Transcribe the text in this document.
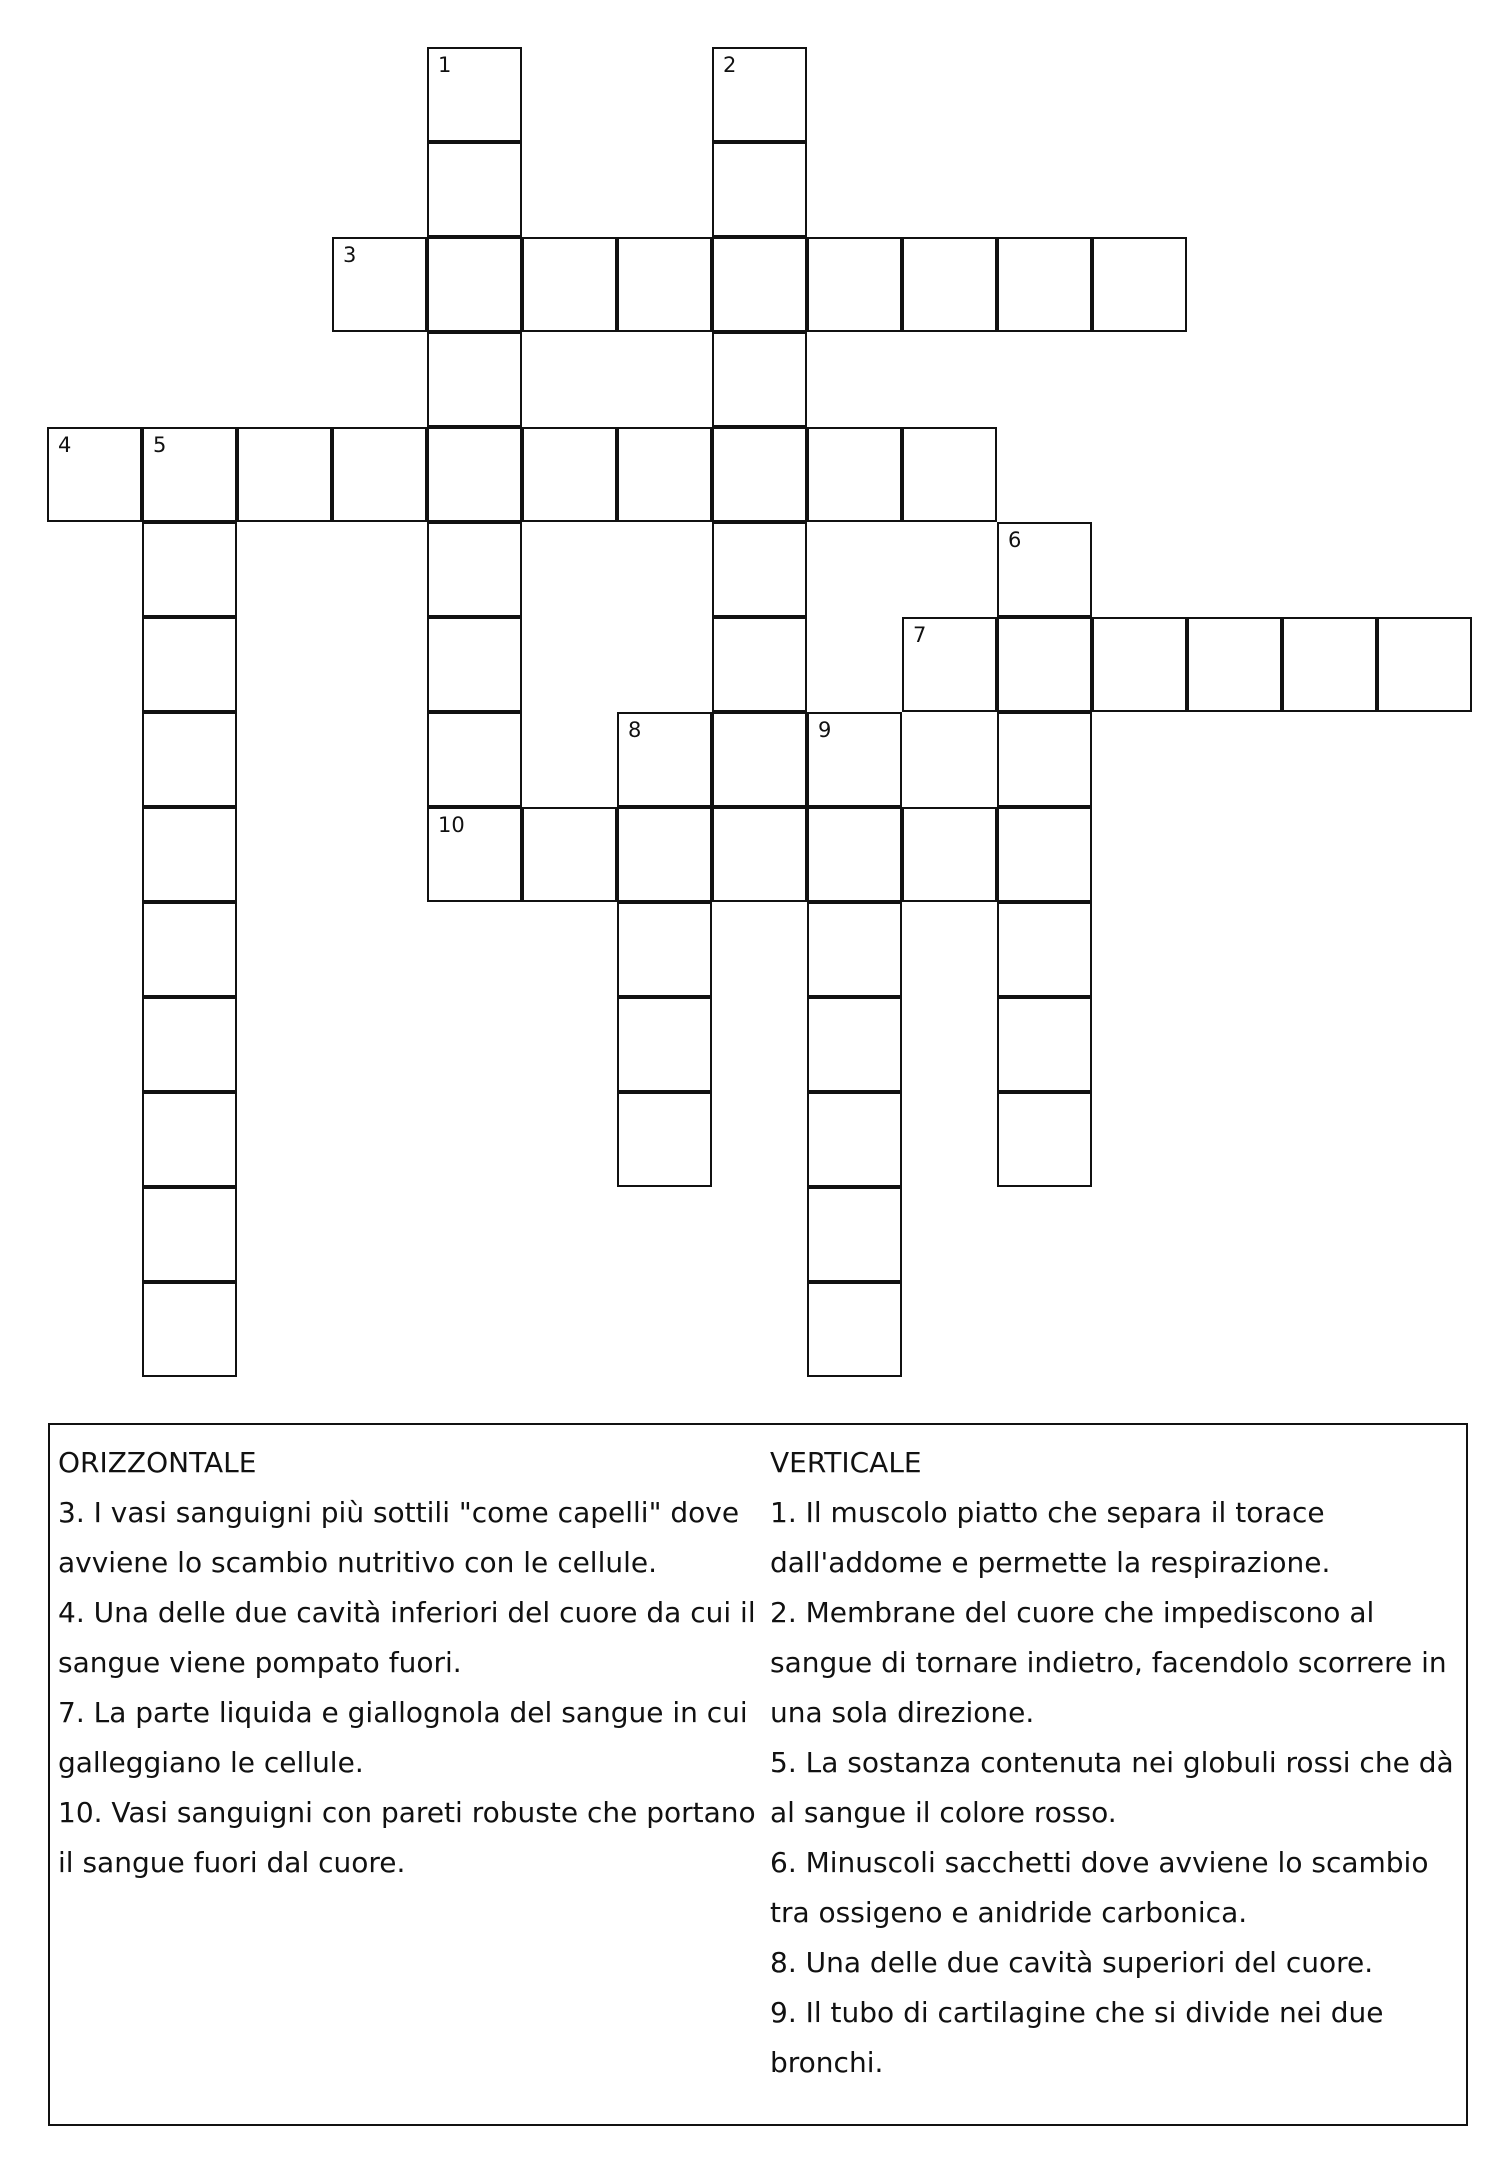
1
10
2
3
4	5
6
7
8	9

ORIZZONTALE

3. I vasi sanguigni più sottili "come capelli" dove avviene lo scambio nutritivo con le cellule.

4. Una delle due cavità inferiori del cuore da cui il sangue viene pompato fuori.

7. La parte liquida e giallognola del sangue in cui galleggiano le cellule.

10. Vasi sanguigni con pareti robuste che portano il sangue fuori dal cuore.

VERTICALE

1. Il muscolo piatto che separa il torace dall'addome e permette la respirazione.

2. Membrane del cuore che impediscono al sangue di tornare indietro, facendolo scorrere in una sola direzione.

5. La sostanza contenuta nei globuli rossi che dà al sangue il colore rosso.

6. Minuscoli sacchetti dove avviene lo scambio tra ossigeno e anidride carbonica.

8. Una delle due cavità superiori del cuore.

9. Il tubo di cartilagine che si divide nei due bronchi.
